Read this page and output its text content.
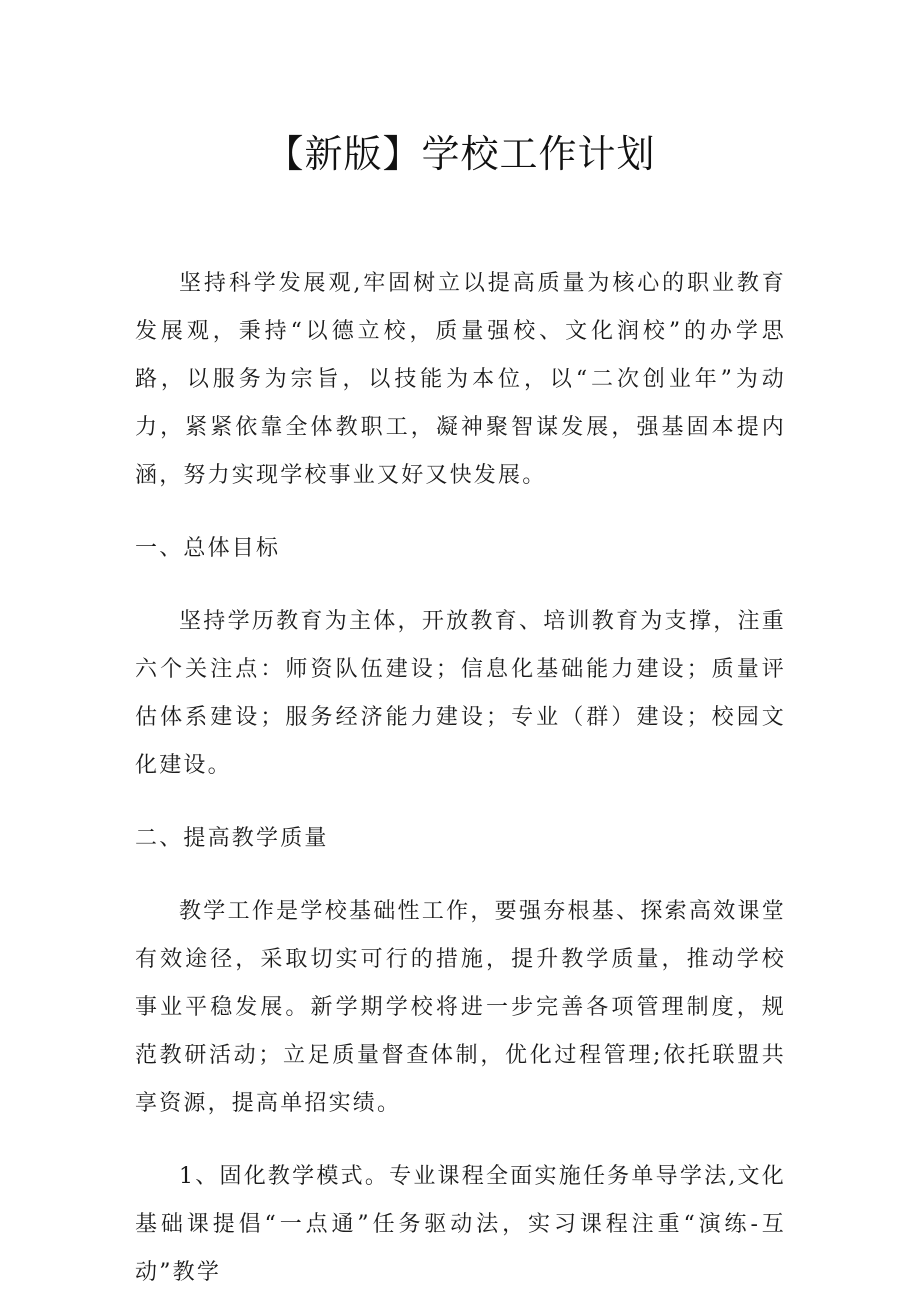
【新版】学校工作计划

坚持科学发展观,牢固树立以提高质量为核心的职业教育发展观，秉持“以德立校，质量强校、文化润校”的办学思路，以服务为宗旨，以技能为本位，以“二次创业年”为动力，紧紧依靠全体教职工，凝神聚智谋发展，强基固本提内涵，努力实现学校事业又好又快发展。

一、总体目标

坚持学历教育为主体，开放教育、培训教育为支撑，注重六个关注点：师资队伍建设；信息化基础能力建设；质量评估体系建设；服务经济能力建设；专业（群）建设；校园文化建设。

二、提高教学质量

教学工作是学校基础性工作，要强夯根基、探索高效课堂有效途径，采取切实可行的措施，提升教学质量，推动学校事业平稳发展。新学期学校将进一步完善各项管理制度，规范教研活动；立足质量督查体制，优化过程管理;依托联盟共享资源，提高单招实绩。

1、固化教学模式。专业课程全面实施任务单导学法,文化基础课提倡“一点通”任务驱动法，实习课程注重“演练-互动”教学
